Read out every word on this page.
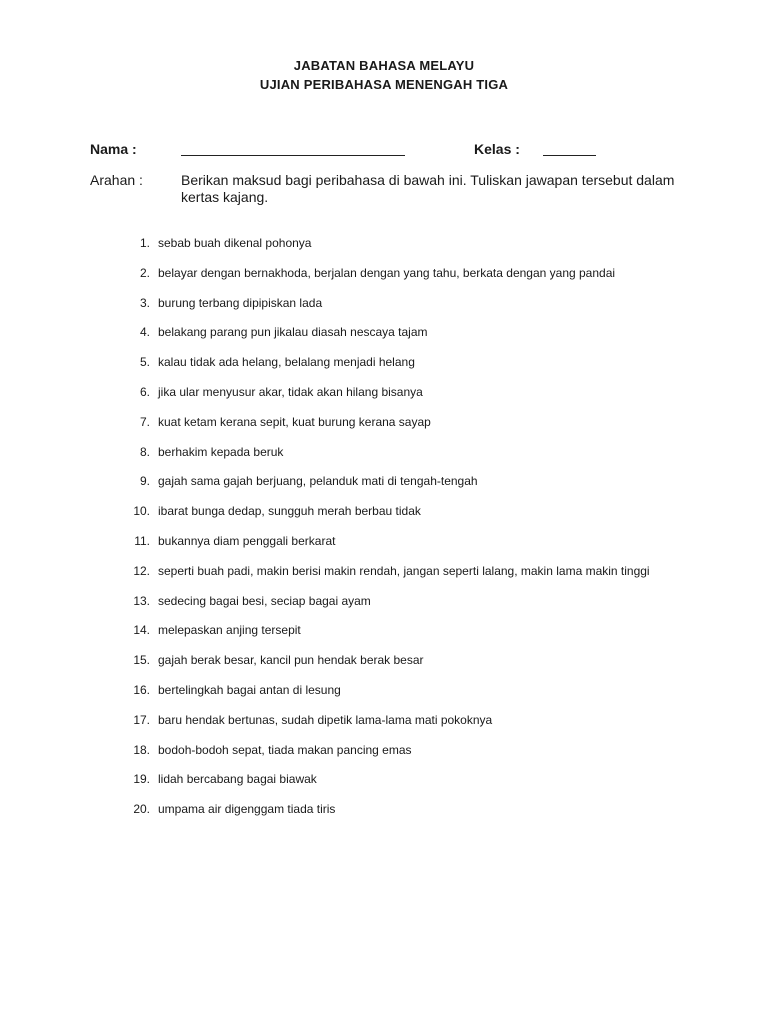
JABATAN BAHASA MELAYU
UJIAN PERIBAHASA MENENGAH TIGA
Nama :	Kelas :
Arahan :	Berikan maksud bagi peribahasa di bawah ini. Tuliskan jawapan tersebut dalam kertas kajang.
1. sebab buah dikenal pohonya
2. belayar dengan bernakhoda, berjalan dengan yang tahu, berkata dengan yang pandai
3. burung terbang dipipiskan lada
4. belakang parang pun jikalau diasah nescaya tajam
5. kalau tidak ada helang, belalang menjadi helang
6. jika ular menyusur akar, tidak akan hilang bisanya
7. kuat ketam kerana sepit, kuat burung kerana sayap
8. berhakim kepada beruk
9. gajah sama gajah berjuang, pelanduk mati di tengah-tengah
10. ibarat bunga dedap, sungguh merah berbau tidak
11. bukannya diam penggali berkarat
12. seperti buah padi, makin berisi makin rendah, jangan seperti lalang, makin lama makin tinggi
13. sedecing bagai besi, seciap bagai ayam
14. melepaskan anjing tersepit
15. gajah berak besar, kancil pun hendak berak besar
16. bertelingkah bagai antan di lesung
17. baru hendak bertunas, sudah dipetik lama-lama mati pokoknya
18. bodoh-bodoh sepat, tiada makan pancing emas
19. lidah bercabang bagai biawak
20. umpama air digenggam tiada tiris
